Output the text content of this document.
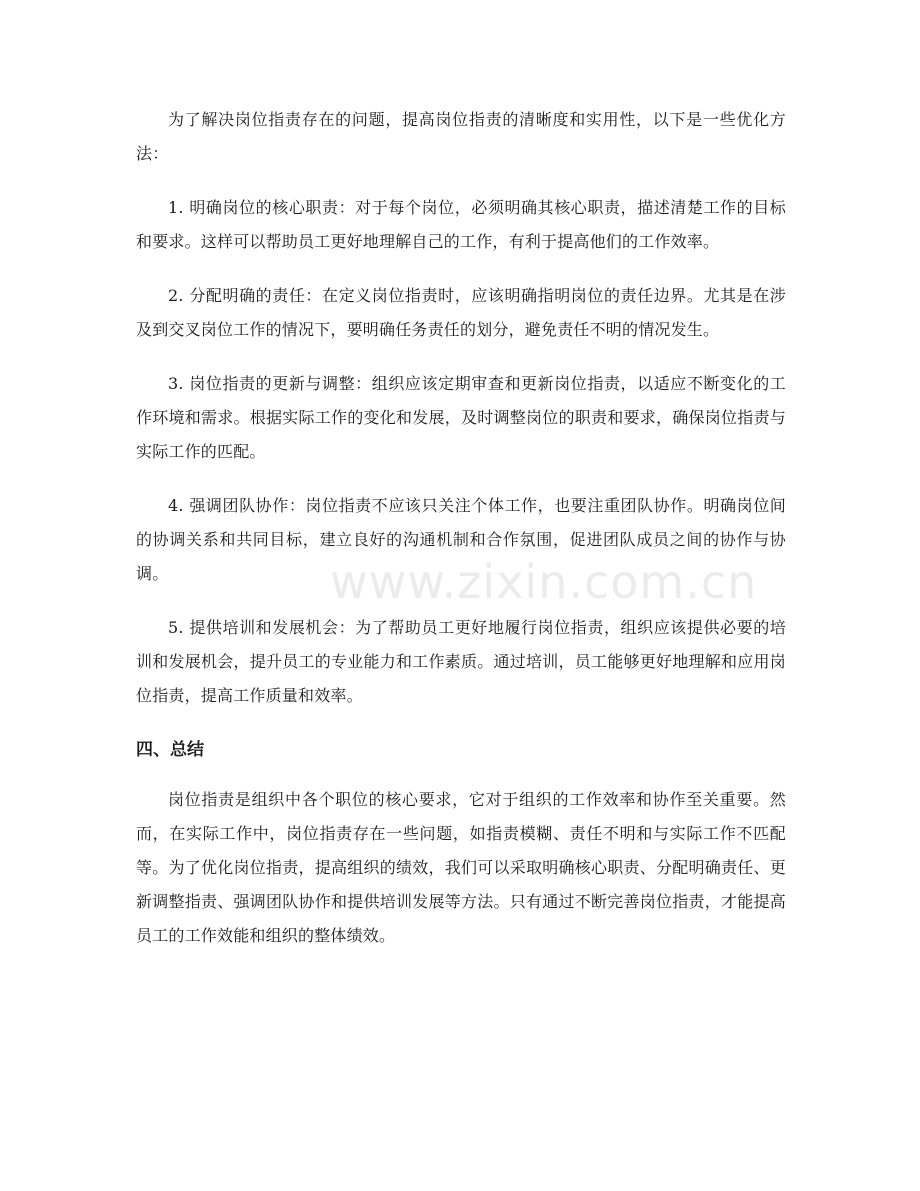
为了解决岗位指责存在的问题，提高岗位指责的清晰度和实用性，以下是一些优化方法：

1. 明确岗位的核心职责：对于每个岗位，必须明确其核心职责，描述清楚工作的目标和要求。这样可以帮助员工更好地理解自己的工作，有利于提高他们的工作效率。

2. 分配明确的责任：在定义岗位指责时，应该明确指明岗位的责任边界。尤其是在涉及到交叉岗位工作的情况下，要明确任务责任的划分，避免责任不明的情况发生。

3. 岗位指责的更新与调整：组织应该定期审查和更新岗位指责，以适应不断变化的工作环境和需求。根据实际工作的变化和发展，及时调整岗位的职责和要求，确保岗位指责与实际工作的匹配。

4. 强调团队协作：岗位指责不应该只关注个体工作，也要注重团队协作。明确岗位间的协调关系和共同目标，建立良好的沟通机制和合作氛围，促进团队成员之间的协作与协调。

5. 提供培训和发展机会：为了帮助员工更好地履行岗位指责，组织应该提供必要的培训和发展机会，提升员工的专业能力和工作素质。通过培训，员工能够更好地理解和应用岗位指责，提高工作质量和效率。

四、总结

岗位指责是组织中各个职位的核心要求，它对于组织的工作效率和协作至关重要。然而，在实际工作中，岗位指责存在一些问题，如指责模糊、责任不明和与实际工作不匹配等。为了优化岗位指责，提高组织的绩效，我们可以采取明确核心职责、分配明确责任、更新调整指责、强调团队协作和提供培训发展等方法。只有通过不断完善岗位指责，才能提高员工的工作效能和组织的整体绩效。

www.zixin.com.cn
